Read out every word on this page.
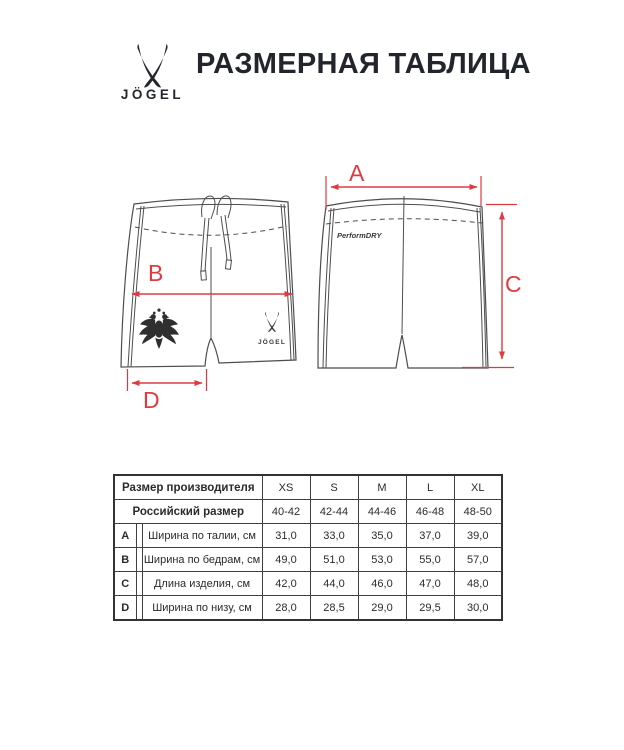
РАЗМЕРНАЯ ТАБЛИЦА
JÖGEL
JÖGEL
PerformDRY
A
B	C
D
Размер производителя			XS	S	M	L	XL
Российский размер			40-42	42-44	44-46	46-48	48-50
A		Ширина по талии, см	31,0	33,0	35,0	37,0	39,0
B		Ширина по бедрам, см	49,0	51,0	53,0	55,0	57,0
C		Длина изделия, см	42,0	44,0	46,0	47,0	48,0
D		Ширина по низу, см	28,0	28,5	29,0	29,5	30,0
